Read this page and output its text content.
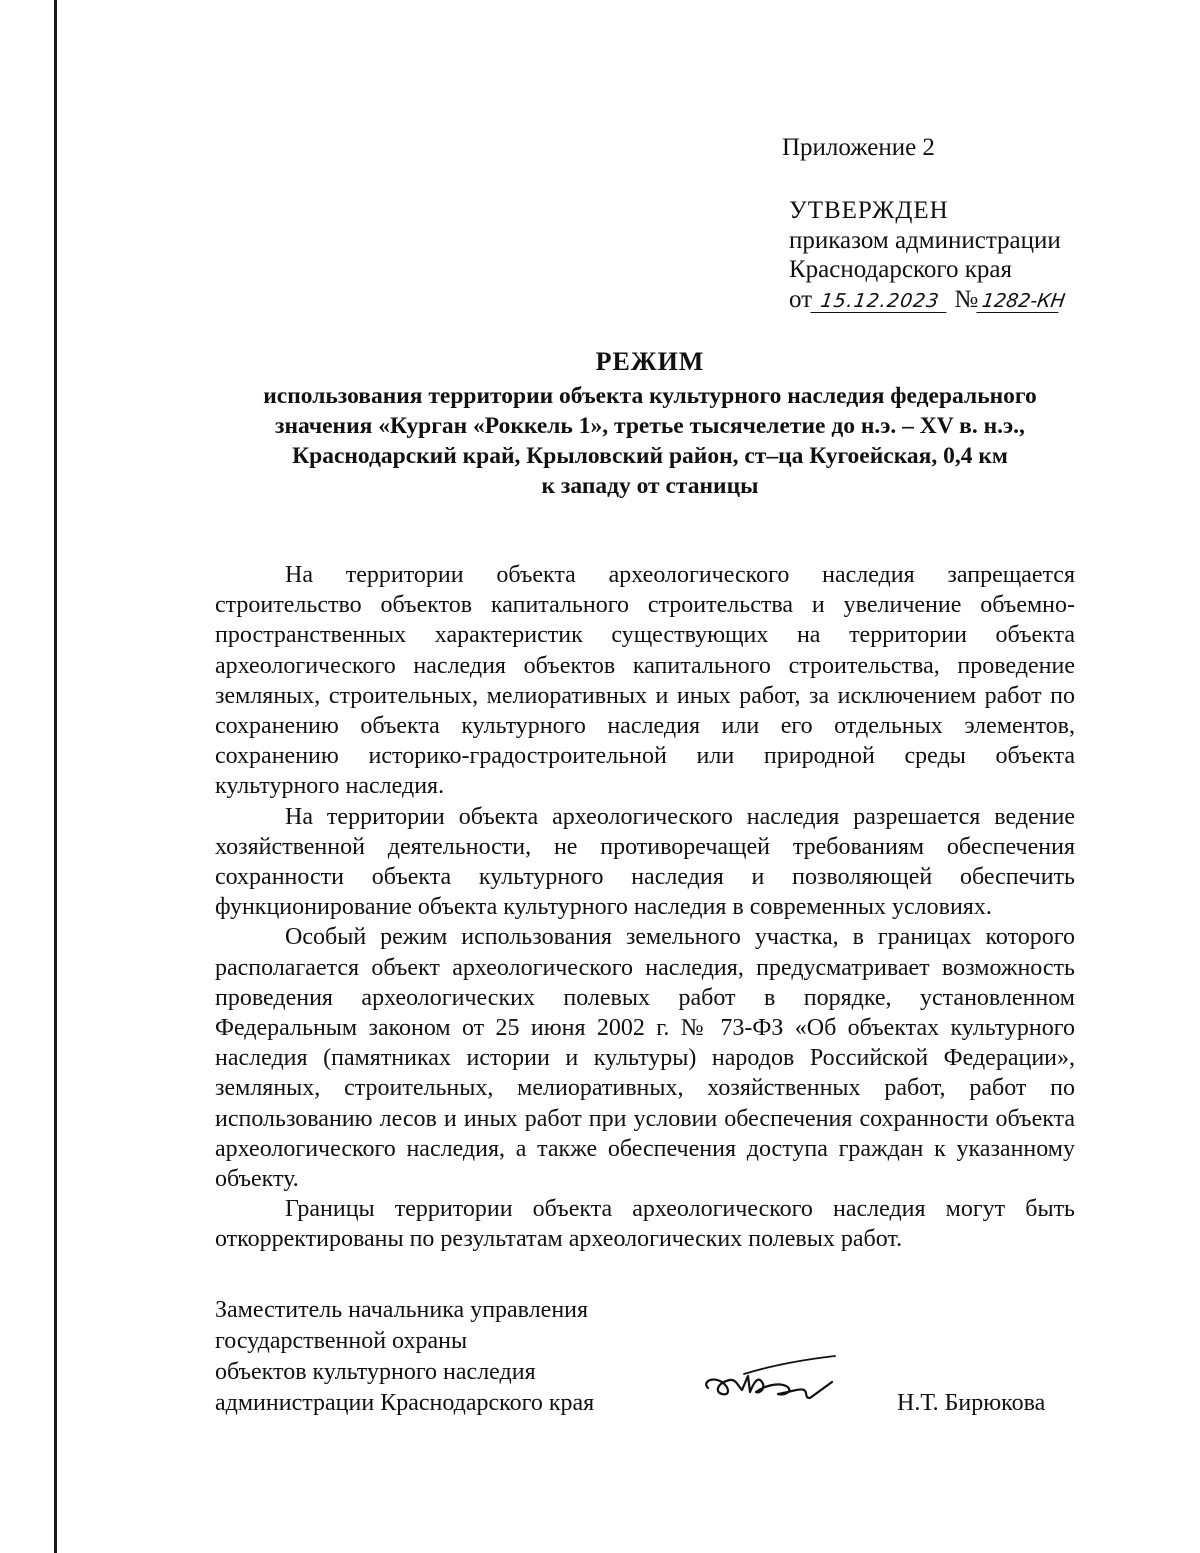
Приложение 2
УТВЕРЖДЕН
приказом администрации
Краснодарского края
от 15.12.2023 № 1282-КН
РЕЖИМ
использования территории объекта культурного наследия федерального
значения «Курган «Роккель 1», третье тысячелетие до н.э. – XV в. н.э.,
Краснодарский край, Крыловский район, ст–ца Кугоейская, 0,4 км
к западу от станицы

На территории объекта археологического наследия запрещается строительство объектов капитального строительства и увеличение объемно-пространственных характеристик существующих на территории объекта археологического наследия объектов капитального строительства, проведение земляных, строительных, мелиоративных и иных работ, за исключением работ по сохранению объекта культурного наследия или его отдельных элементов, сохранению историко-градостроительной или природной среды объекта культурного наследия.

На территории объекта археологического наследия разрешается ведение хозяйственной деятельности, не противоречащей требованиям обеспечения сохранности объекта культурного наследия и позволяющей обеспечить функционирование объекта культурного наследия в современных условиях.

Особый режим использования земельного участка, в границах которого располагается объект археологического наследия, предусматривает возможность проведения археологических полевых работ в порядке, установленном Федеральным законом от 25 июня 2002 г. № 73-ФЗ «Об объектах культурного наследия (памятниках истории и культуры) народов Российской Федерации», земляных, строительных, мелиоративных, хозяйственных работ, работ по использованию лесов и иных работ при условии обеспечения сохранности объекта археологического наследия, а также обеспечения доступа граждан к указанному объекту.

Границы территории объекта археологического наследия могут быть откорректированы по результатам археологических полевых работ.

Заместитель начальника управления
государственной охраны
объектов культурного наследия
администрации Краснодарского края	Н.Т. Бирюкова
